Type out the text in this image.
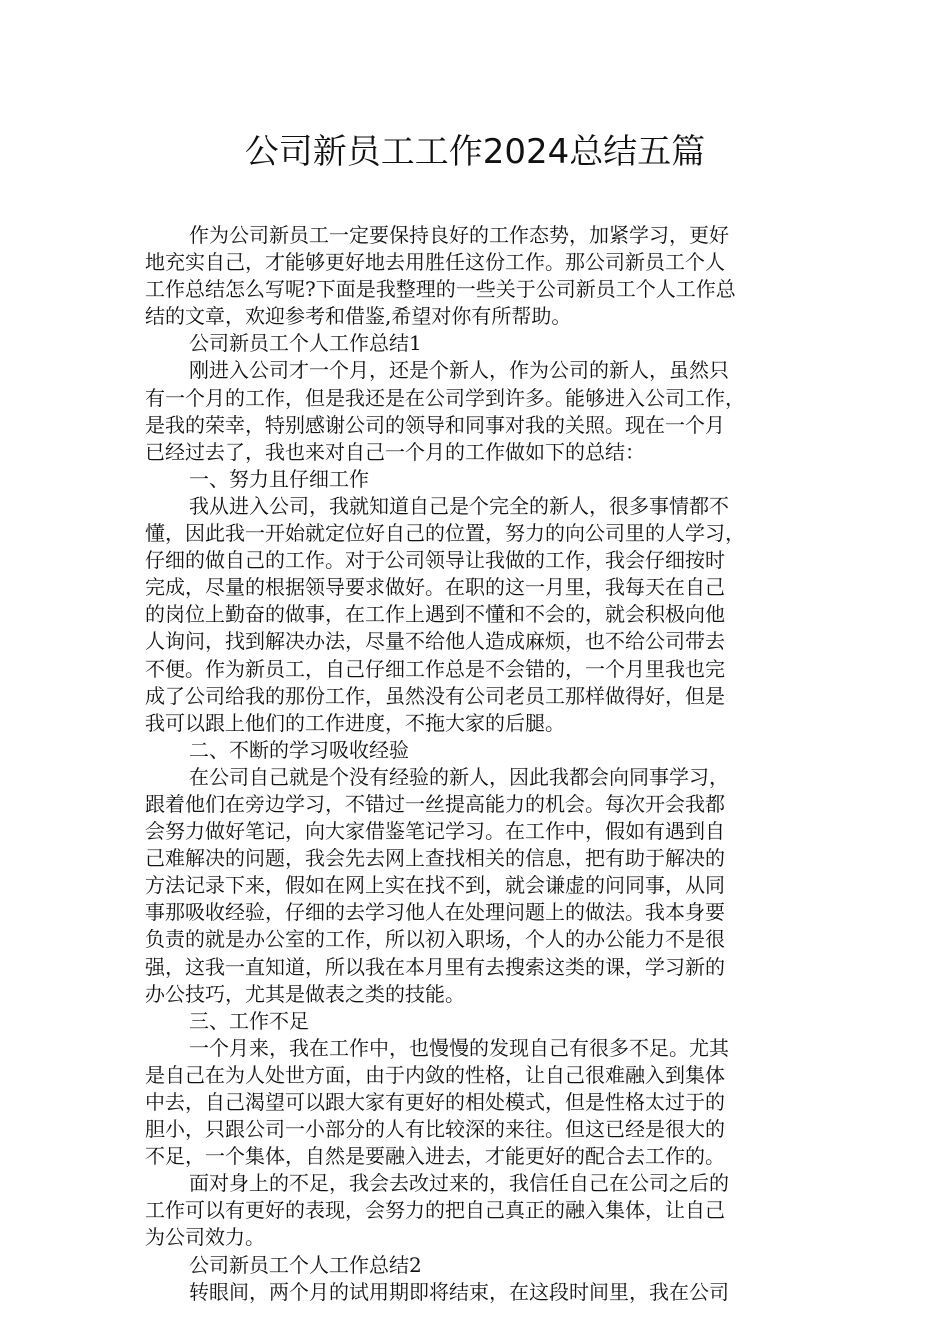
公司新员工工作2024总结五篇
作为公司新员工一定要保持良好的工作态势，加紧学习，更好
地充实自己，才能够更好地去用胜任这份工作。那公司新员工个人
工作总结怎么写呢?下面是我整理的一些关于公司新员工个人工作总
结的文章，欢迎参考和借鉴,希望对你有所帮助。
公司新员工个人工作总结1
刚进入公司才一个月，还是个新人，作为公司的新人，虽然只
有一个月的工作，但是我还是在公司学到许多。能够进入公司工作，
是我的荣幸，特别感谢公司的领导和同事对我的关照。现在一个月
已经过去了，我也来对自己一个月的工作做如下的总结：
一、努力且仔细工作
我从进入公司，我就知道自己是个完全的新人，很多事情都不
懂，因此我一开始就定位好自己的位置，努力的向公司里的人学习，
仔细的做自己的工作。对于公司领导让我做的工作，我会仔细按时
完成，尽量的根据领导要求做好。在职的这一月里，我每天在自己
的岗位上勤奋的做事，在工作上遇到不懂和不会的，就会积极向他
人询问，找到解决办法，尽量不给他人造成麻烦，也不给公司带去
不便。作为新员工，自己仔细工作总是不会错的，一个月里我也完
成了公司给我的那份工作，虽然没有公司老员工那样做得好，但是
我可以跟上他们的工作进度，不拖大家的后腿。
二、不断的学习吸收经验
在公司自己就是个没有经验的新人，因此我都会向同事学习，
跟着他们在旁边学习，不错过一丝提高能力的机会。每次开会我都
会努力做好笔记，向大家借鉴笔记学习。在工作中，假如有遇到自
己难解决的问题，我会先去网上查找相关的信息，把有助于解决的
方法记录下来，假如在网上实在找不到，就会谦虚的问同事，从同
事那吸收经验，仔细的去学习他人在处理问题上的做法。我本身要
负责的就是办公室的工作，所以初入职场，个人的办公能力不是很
强，这我一直知道，所以我在本月里有去搜索这类的课，学习新的
办公技巧，尤其是做表之类的技能。
三、工作不足
一个月来，我在工作中，也慢慢的发现自己有很多不足。尤其
是自己在为人处世方面，由于内敛的性格，让自己很难融入到集体
中去，自己渴望可以跟大家有更好的相处模式，但是性格太过于的
胆小，只跟公司一小部分的人有比较深的来往。但这已经是很大的
不足，一个集体，自然是要融入进去，才能更好的配合去工作的。
面对身上的不足，我会去改过来的，我信任自己在公司之后的
工作可以有更好的表现，会努力的把自己真正的融入集体，让自己
为公司效力。
公司新员工个人工作总结2
转眼间，两个月的试用期即将结束，在这段时间里，我在公司
